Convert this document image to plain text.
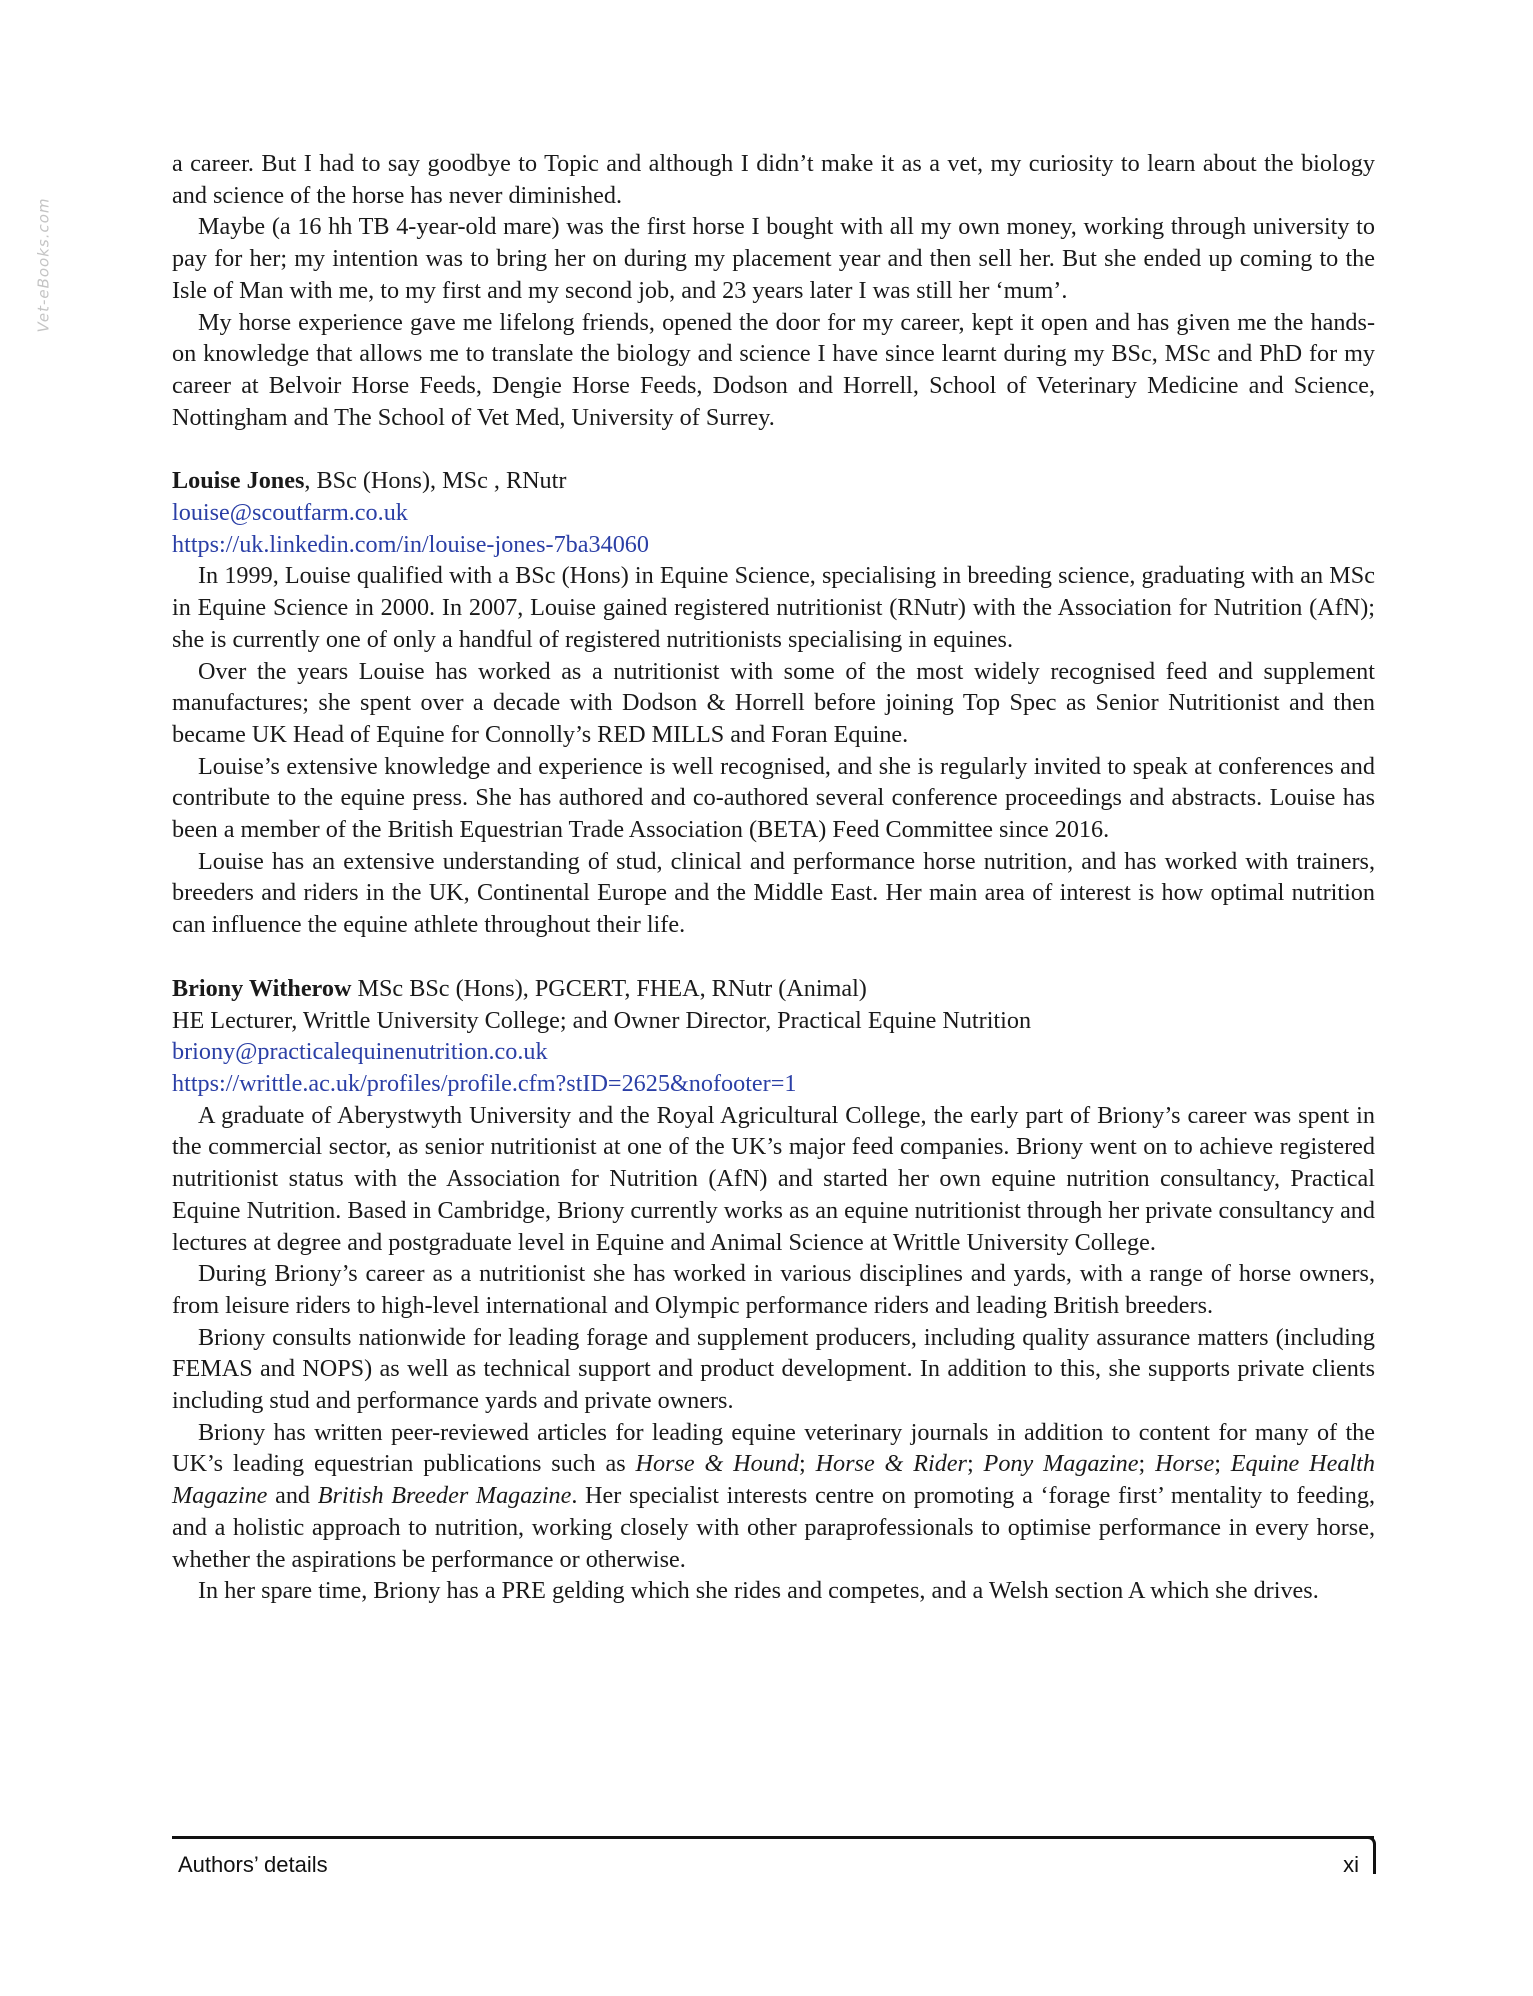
Vet-eBooks.com

a career. But I had to say goodbye to Topic and although I didn’t make it as a vet, my curiosity to learn about the biology and science of the horse has never diminished.

Maybe (a 16 hh TB 4-year-old mare) was the first horse I bought with all my own money, working through university to pay for her; my intention was to bring her on during my placement year and then sell her. But she ended up coming to the Isle of Man with me, to my first and my second job, and 23 years later I was still her ‘mum’.

My horse experience gave me lifelong friends, opened the door for my career, kept it open and has given me the hands-on knowledge that allows me to translate the biology and science I have since learnt during my BSc, MSc and PhD for my career at Belvoir Horse Feeds, Dengie Horse Feeds, Dodson and Horrell, School of Veterinary Medicine and Science, Nottingham and The School of Vet Med, University of Surrey.

Louise Jones, BSc (Hons), MSc , RNutr
louise@scoutfarm.co.uk
https://uk.linkedin.com/in/louise-jones-7ba34060

In 1999, Louise qualified with a BSc (Hons) in Equine Science, specialising in breeding science, graduating with an MSc in Equine Science in 2000. In 2007, Louise gained registered nutritionist (RNutr) with the Association for Nutrition (AfN); she is currently one of only a handful of registered nutritionists specialising in equines.

Over the years Louise has worked as a nutritionist with some of the most widely recognised feed and supplement manufactures; she spent over a decade with Dodson & Horrell before joining Top Spec as Senior Nutritionist and then became UK Head of Equine for Connolly’s RED MILLS and Foran Equine.

Louise’s extensive knowledge and experience is well recognised, and she is regularly invited to speak at conferences and contribute to the equine press. She has authored and co-authored several conference proceedings and abstracts. Louise has been a member of the British Equestrian Trade Association (BETA) Feed Committee since 2016.

Louise has an extensive understanding of stud, clinical and performance horse nutrition, and has worked with trainers, breeders and riders in the UK, Continental Europe and the Middle East. Her main area of interest is how optimal nutrition can influence the equine athlete throughout their life.

Briony Witherow MSc BSc (Hons), PGCERT, FHEA, RNutr (Animal)
HE Lecturer, Writtle University College; and Owner Director, Practical Equine Nutrition
briony@practicalequinenutrition.co.uk
https://writtle.ac.uk/profiles/profile.cfm?stID=2625&nofooter=1

A graduate of Aberystwyth University and the Royal Agricultural College, the early part of Briony’s career was spent in the commercial sector, as senior nutritionist at one of the UK’s major feed companies. Briony went on to achieve registered nutritionist status with the Association for Nutrition (AfN) and started her own equine nutrition consultancy, Practical Equine Nutrition. Based in Cambridge, Briony currently works as an equine nutritionist through her private consultancy and lectures at degree and postgraduate level in Equine and Animal Science at Writtle University College.

During Briony’s career as a nutritionist she has worked in various disciplines and yards, with a range of horse owners, from leisure riders to high-level international and Olympic performance riders and leading British breeders.

Briony consults nationwide for leading forage and supplement producers, including quality assurance matters (including FEMAS and NOPS) as well as technical support and product development. In addition to this, she supports private clients including stud and performance yards and private owners.

Briony has written peer-reviewed articles for leading equine veterinary journals in addition to content for many of the UK’s leading equestrian publications such as Horse & Hound; Horse & Rider; Pony Magazine; Horse; Equine Health Magazine and British Breeder Magazine. Her specialist interests centre on promoting a ‘forage first’ mentality to feeding, and a holistic approach to nutrition, working closely with other paraprofessionals to optimise performance in every horse, whether the aspirations be performance or otherwise.

In her spare time, Briony has a PRE gelding which she rides and competes, and a Welsh section A which she drives.

Authors’ details	xi
